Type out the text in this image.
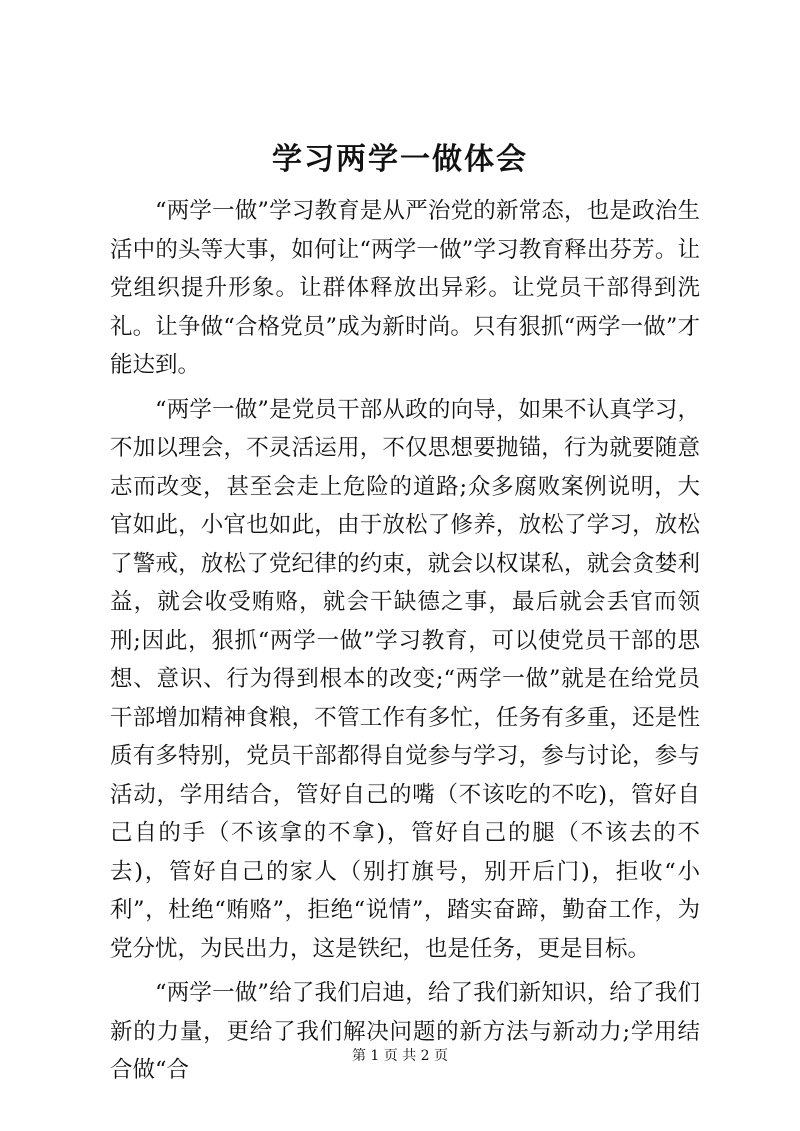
学习两学一做体会

“两学一做”学习教育是从严治党的新常态，也是政治生活中的头等大事，如何让“两学一做”学习教育释出芬芳。让党组织提升形象。让群体释放出异彩。让党员干部得到洗礼。让争做“合格党员”成为新时尚。只有狠抓“两学一做”才能达到。

“两学一做”是党员干部从政的向导，如果不认真学习，不加以理会，不灵活运用，不仅思想要抛锚，行为就要随意志而改变，甚至会走上危险的道路;众多腐败案例说明，大官如此，小官也如此，由于放松了修养，放松了学习，放松了警戒，放松了党纪律的约束，就会以权谋私，就会贪婪利益，就会收受贿赂，就会干缺德之事，最后就会丢官而领刑;因此，狠抓“两学一做”学习教育，可以使党员干部的思想、意识、行为得到根本的改变;“两学一做”就是在给党员干部增加精神食粮，不管工作有多忙，任务有多重，还是性质有多特别，党员干部都得自觉参与学习，参与讨论，参与活动，学用结合，管好自己的嘴（不该吃的不吃)，管好自己自的手（不该拿的不拿)，管好自己的腿（不该去的不去)，管好自己的家人（别打旗号，别开后门)，拒收“小利”，杜绝“贿赂”，拒绝“说情”，踏实奋蹄，勤奋工作，为党分忧，为民出力，这是铁纪，也是任务，更是目标。

“两学一做”给了我们启迪，给了我们新知识，给了我们新的力量，更给了我们解决问题的新方法与新动力;学用结合做“合

第 1 页 共 2 页
